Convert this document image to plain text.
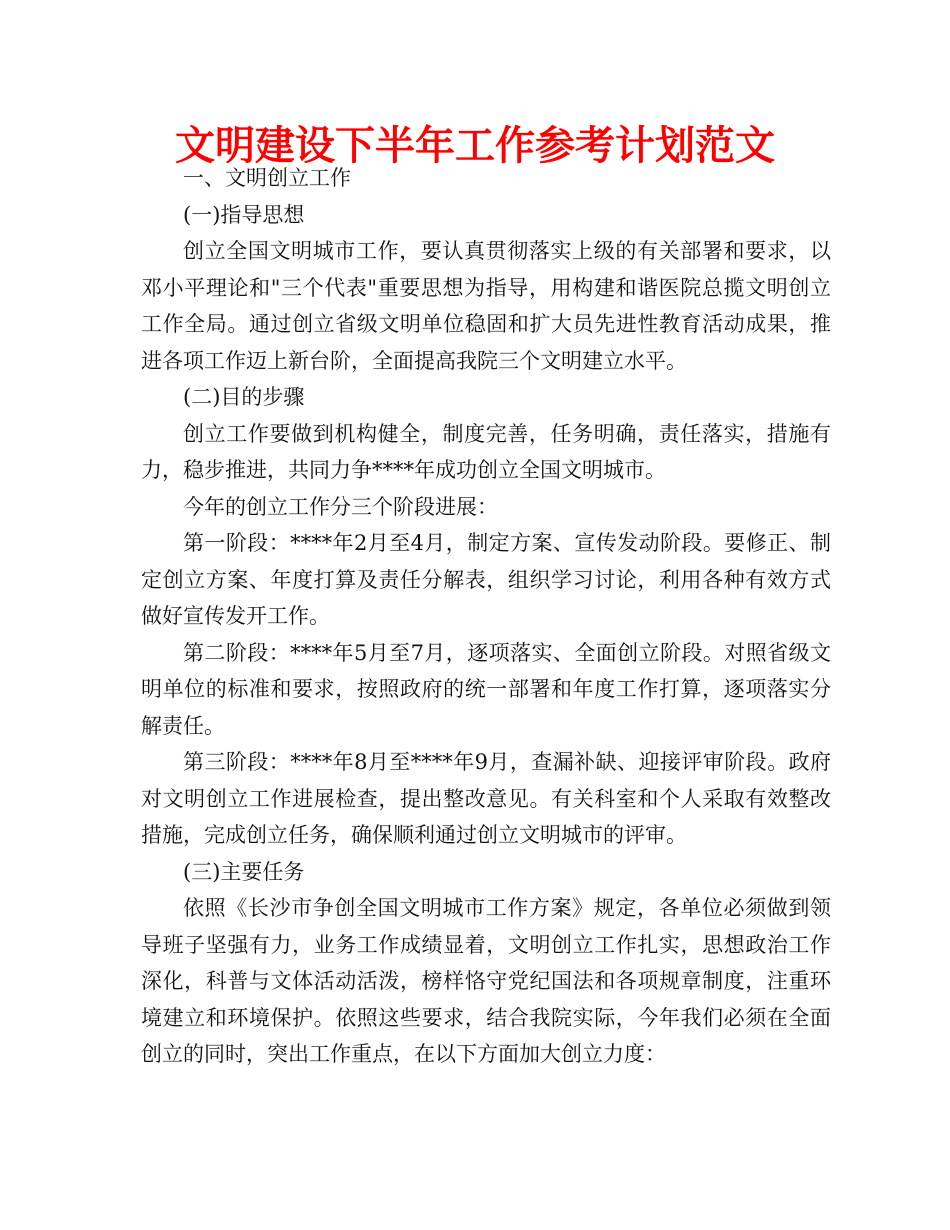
文明建设下半年工作参考计划范文

一、文明创立工作

(一)指导思想

创立全国文明城市工作，要认真贯彻落实上级的有关部署和要求，以邓小平理论和"三个代表"重要思想为指导，用构建和谐医院总揽文明创立工作全局。通过创立省级文明单位稳固和扩大员先进性教育活动成果，推进各项工作迈上新台阶，全面提高我院三个文明建立水平。

(二)目的步骤

创立工作要做到机构健全，制度完善，任务明确，责任落实，措施有力，稳步推进，共同力争****年成功创立全国文明城市。

今年的创立工作分三个阶段进展：

第一阶段：****年2月至4月，制定方案、宣传发动阶段。要修正、制定创立方案、年度打算及责任分解表，组织学习讨论，利用各种有效方式做好宣传发开工作。

第二阶段：****年5月至7月，逐项落实、全面创立阶段。对照省级文明单位的标准和要求，按照政府的统一部署和年度工作打算，逐项落实分解责任。

第三阶段：****年8月至****年9月，查漏补缺、迎接评审阶段。政府对文明创立工作进展检查，提出整改意见。有关科室和个人采取有效整改措施，完成创立任务，确保顺利通过创立文明城市的评审。

(三)主要任务

依照《长沙市争创全国文明城市工作方案》规定，各单位必须做到领导班子坚强有力，业务工作成绩显着，文明创立工作扎实，思想政治工作深化，科普与文体活动活泼，榜样恪守党纪国法和各项规章制度，注重环境建立和环境保护。依照这些要求，结合我院实际，今年我们必须在全面创立的同时，突出工作重点，在以下方面加大创立力度：
